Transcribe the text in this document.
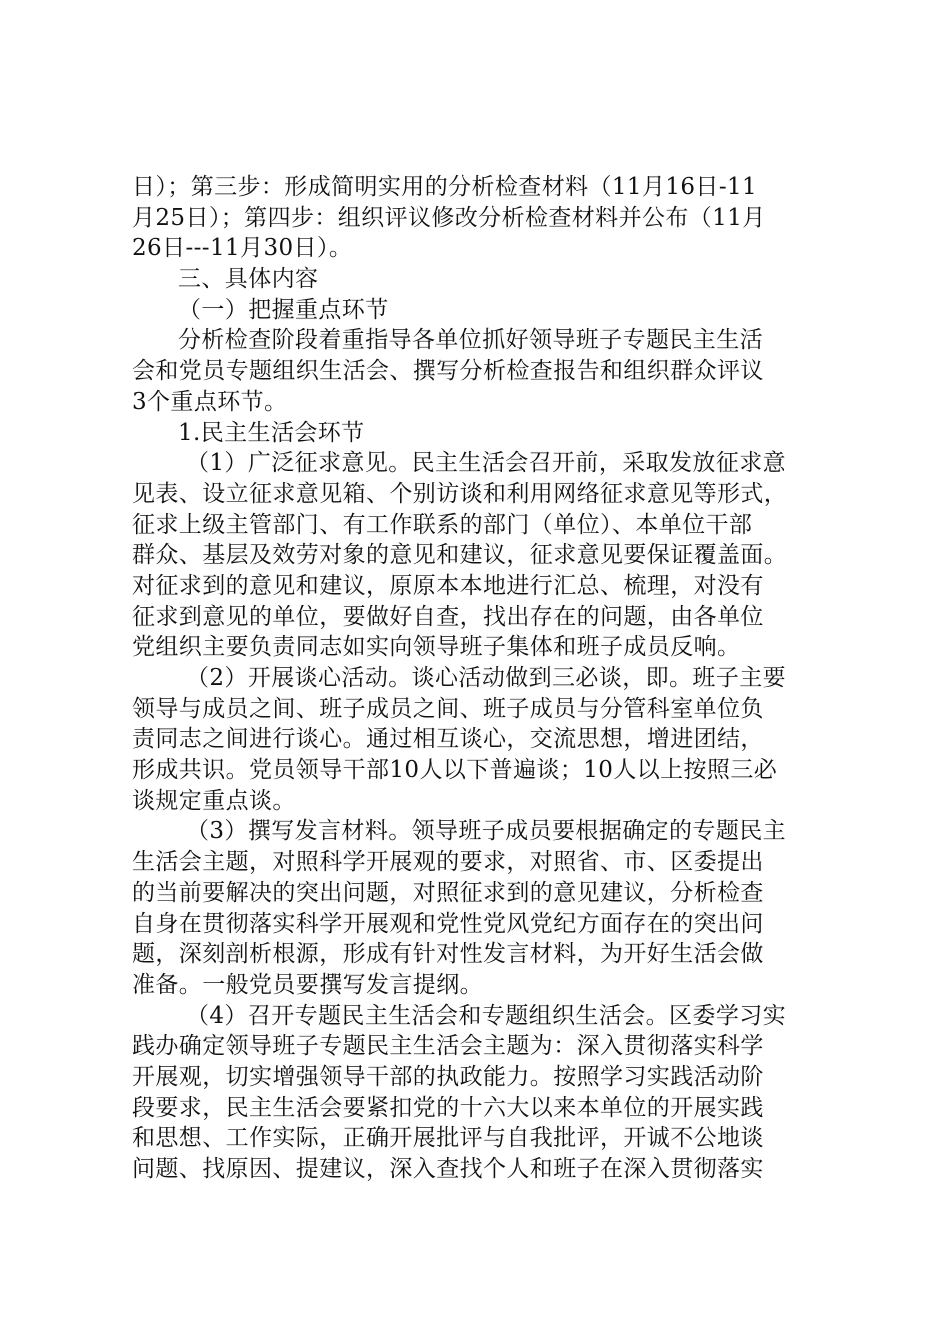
日）；第三步：形成简明实用的分析检查材料（11月16日-11
月25日）；第四步：组织评议修改分析检查材料并公布（11月
26日---11月30日）。
三、具体内容
（一）把握重点环节
分析检查阶段着重指导各单位抓好领导班子专题民主生活
会和党员专题组织生活会、撰写分析检查报告和组织群众评议
3个重点环节。
1.民主生活会环节
（1）广泛征求意见。民主生活会召开前，采取发放征求意
见表、设立征求意见箱、个别访谈和利用网络征求意见等形式，
征求上级主管部门、有工作联系的部门（单位）、本单位干部
群众、基层及效劳对象的意见和建议，征求意见要保证覆盖面。
对征求到的意见和建议，原原本本地进行汇总、梳理，对没有
征求到意见的单位，要做好自查，找出存在的问题，由各单位
党组织主要负责同志如实向领导班子集体和班子成员反响。
（2）开展谈心活动。谈心活动做到三必谈，即。班子主要
领导与成员之间、班子成员之间、班子成员与分管科室单位负
责同志之间进行谈心。通过相互谈心，交流思想，增进团结，
形成共识。党员领导干部10人以下普遍谈；10人以上按照三必
谈规定重点谈。
（3）撰写发言材料。领导班子成员要根据确定的专题民主
生活会主题，对照科学开展观的要求，对照省、市、区委提出
的当前要解决的突出问题，对照征求到的意见建议，分析检查
自身在贯彻落实科学开展观和党性党风党纪方面存在的突出问
题，深刻剖析根源，形成有针对性发言材料，为开好生活会做
准备。一般党员要撰写发言提纲。
（4）召开专题民主生活会和专题组织生活会。区委学习实
践办确定领导班子专题民主生活会主题为：深入贯彻落实科学
开展观，切实增强领导干部的执政能力。按照学习实践活动阶
段要求，民主生活会要紧扣党的十六大以来本单位的开展实践
和思想、工作实际，正确开展批评与自我批评，开诚不公地谈
问题、找原因、提建议，深入查找个人和班子在深入贯彻落实
